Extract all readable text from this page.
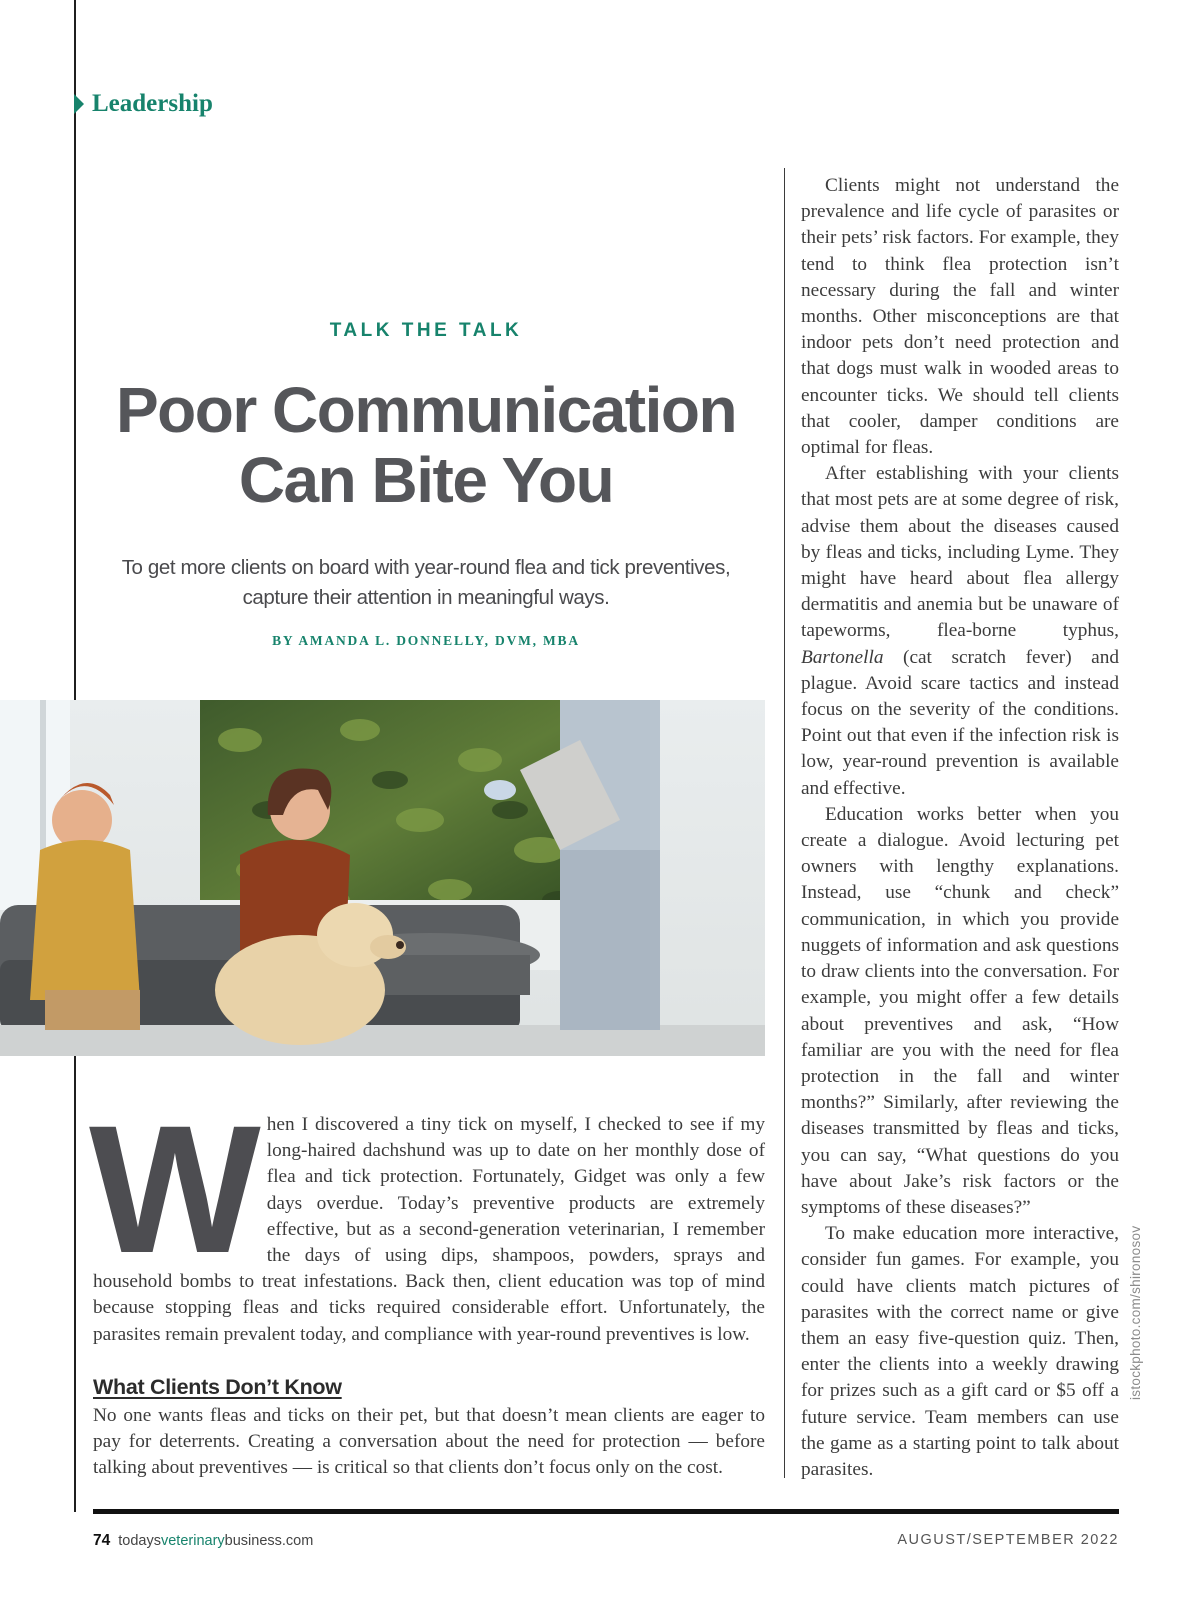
Leadership
TALK THE TALK
Poor Communication
Can Bite You
To get more clients on board with year-round flea and tick preventives, capture their attention in meaningful ways.
BY AMANDA L. DONNELLY, DVM, MBA
When I discovered a tiny tick on myself, I checked to see if my long-haired dachshund was up to date on her monthly dose of flea and tick protection. Fortunately, Gidget was only a few days overdue. Today’s preventive products are extremely effective, but as a second-generation veterinarian, I remember the days of using dips, shampoos, powders, sprays and household bombs to treat infestations. Back then, client education was top of mind because stopping fleas and ticks required considerable effort. Unfortunately, the parasites remain prevalent today, and compliance with year-round preventives is low.
What Clients Don’t Know
No one wants fleas and ticks on their pet, but that doesn’t mean clients are eager to pay for deterrents. Creating a conversation about the need for protection — before talking about preventives — is critical so that clients don’t focus only on the cost.

Clients might not understand the prevalence and life cycle of parasites or their pets’ risk factors. For example, they tend to think flea protection isn’t necessary during the fall and winter months. Other misconceptions are that indoor pets don’t need protection and that dogs must walk in wooded areas to encounter ticks. We should tell clients that cooler, damper conditions are optimal for fleas.

After establishing with your clients that most pets are at some degree of risk, advise them about the diseases caused by fleas and ticks, including Lyme. They might have heard about flea allergy dermatitis and anemia but be unaware of tapeworms, flea-borne typhus, Bartonella (cat scratch fever) and plague. Avoid scare tactics and instead focus on the severity of the conditions. Point out that even if the infection risk is low, year-round prevention is available and effective.

Education works better when you create a dialogue. Avoid lecturing pet owners with lengthy explanations. Instead, use “chunk and check” communication, in which you provide nuggets of information and ask questions to draw clients into the conversation. For example, you might offer a few details about preventives and ask, “How familiar are you with the need for flea protection in the fall and winter months?” Similarly, after reviewing the diseases transmitted by fleas and ticks, you can say, “What questions do you have about Jake’s risk factors or the symptoms of these diseases?”

To make education more interactive, consider fun games. For example, you could have clients match pictures of parasites with the correct name or give them an easy five-question quiz. Then, enter the clients into a weekly drawing for prizes such as a gift card or $5 off a future service. Team members can use the game as a starting point to talk about parasites.

istockphoto.com/shironosov
74 todaysveterinarybusiness.com	AUGUST/SEPTEMBER 2022
